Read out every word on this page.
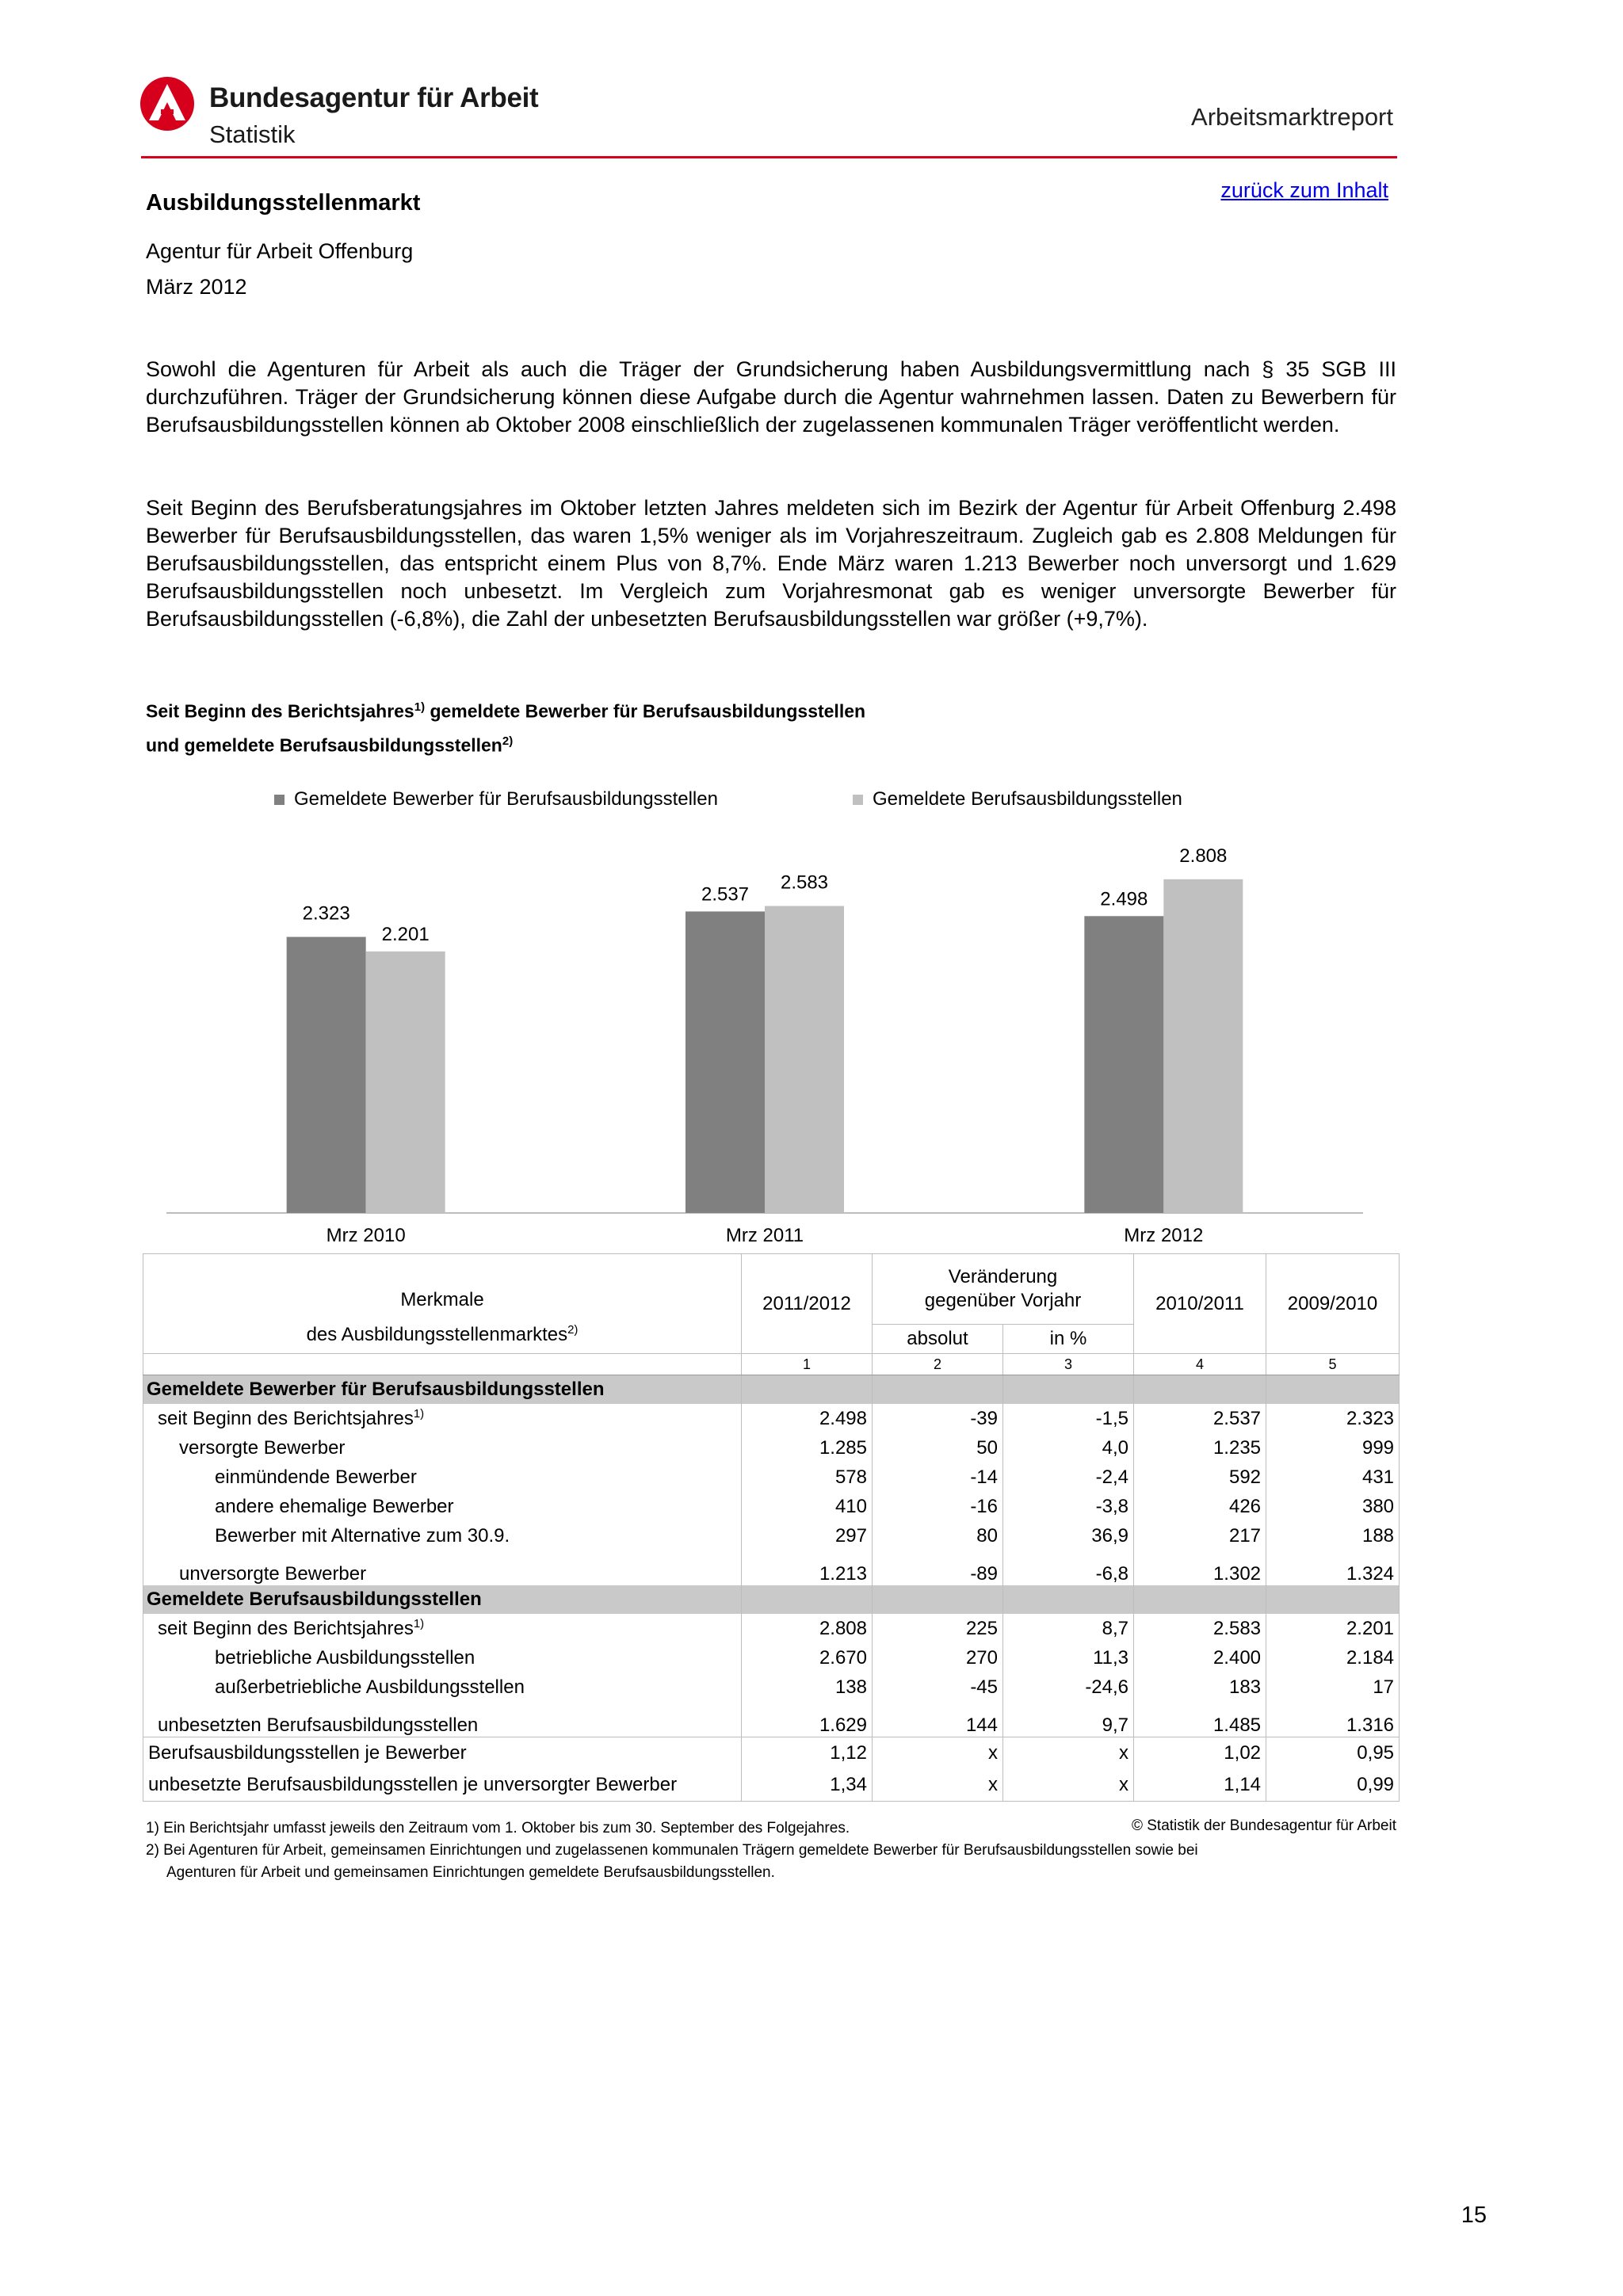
Bundesagentur für Arbeit
Statistik
Arbeitsmarktreport
Ausbildungsstellenmarkt	zurück zum Inhalt
Agentur für Arbeit Offenburg
März 2012

Sowohl die Agenturen für Arbeit als auch die Träger der Grundsicherung haben Ausbildungsvermittlung nach § 35 SGB III durchzuführen. Träger der Grundsicherung können diese Aufgabe durch die Agentur wahrnehmen lassen. Daten zu Bewerbern für Berufsausbildungsstellen können ab Oktober 2008 einschließlich der zugelassenen kommunalen Träger veröffentlicht werden.

Seit Beginn des Berufsberatungsjahres im Oktober letzten Jahres meldeten sich im Bezirk der Agentur für Arbeit Offenburg 2.498 Bewerber für Berufsausbildungsstellen, das waren 1,5% weniger als im Vorjahreszeitraum. Zugleich gab es 2.808 Meldungen für Berufsausbildungsstellen, das entspricht einem Plus von 8,7%. Ende März waren 1.213 Bewerber noch unversorgt und 1.629 Berufsausbildungsstellen noch unbesetzt. Im Vergleich zum Vorjahresmonat gab es weniger unversorgte Bewerber für Berufsausbildungsstellen (-6,8%), die Zahl der unbesetzten Berufsausbildungsstellen war größer (+9,7%).

Seit Beginn des Berichtsjahres$^{1)}$ gemeldete Bewerber für Berufsausbildungsstellen
und gemeldete Berufsausbildungsstellen$^{2)}$
Gemeldete Bewerber für Berufsausbildungsstellen	Gemeldete Berufsausbildungsstellen
2.323
2.201
Mrz 2010
2.537
2.583
Mrz 2011
2.498
2.808
Mrz 2012
Merkmale
des Ausbildungsstellenmarktes$^{2)}$	2011/2012	Veränderung
gegenüber Vorjahr		2010/2011	2009/2010
		absolut	in %		
	1	2	3	4	5
Gemeldete Bewerber für Berufsausbildungsstellen					
seit Beginn des Berichtsjahres$^{1)}$	2.498	-39	-1,5	2.537	2.323
versorgte Bewerber	1.285	50	4,0	1.235	999
einmündende Bewerber	578	-14	-2,4	592	431
andere ehemalige Bewerber	410	-16	-3,8	426	380
Bewerber mit Alternative zum 30.9.	297	80	36,9	217	188
unversorgte Bewerber	1.213	-89	-6,8	1.302	1.324
Gemeldete Berufsausbildungsstellen					
seit Beginn des Berichtsjahres$^{1)}$	2.808	225	8,7	2.583	2.201
betriebliche Ausbildungsstellen	2.670	270	11,3	2.400	2.184
außerbetriebliche Ausbildungsstellen	138	-45	-24,6	183	17
unbesetzten Berufsausbildungsstellen	1.629	144	9,7	1.485	1.316
Berufsausbildungsstellen je Bewerber	1,12	x	x	1,02	0,95
unbesetzte Berufsausbildungsstellen je unversorgter Bewerber	1,34	x	x	1,14	0,99
1) Ein Berichtsjahr umfasst jeweils den Zeitraum vom 1. Oktober bis zum 30. September des Folgejahres.	© Statistik der Bundesagentur für Arbeit
2) Bei Agenturen für Arbeit, gemeinsamen Einrichtungen und zugelassenen kommunalen Trägern gemeldete Bewerber für Berufsausbildungsstellen sowie bei
Agenturen für Arbeit und gemeinsamen Einrichtungen gemeldete Berufsausbildungsstellen.
15
